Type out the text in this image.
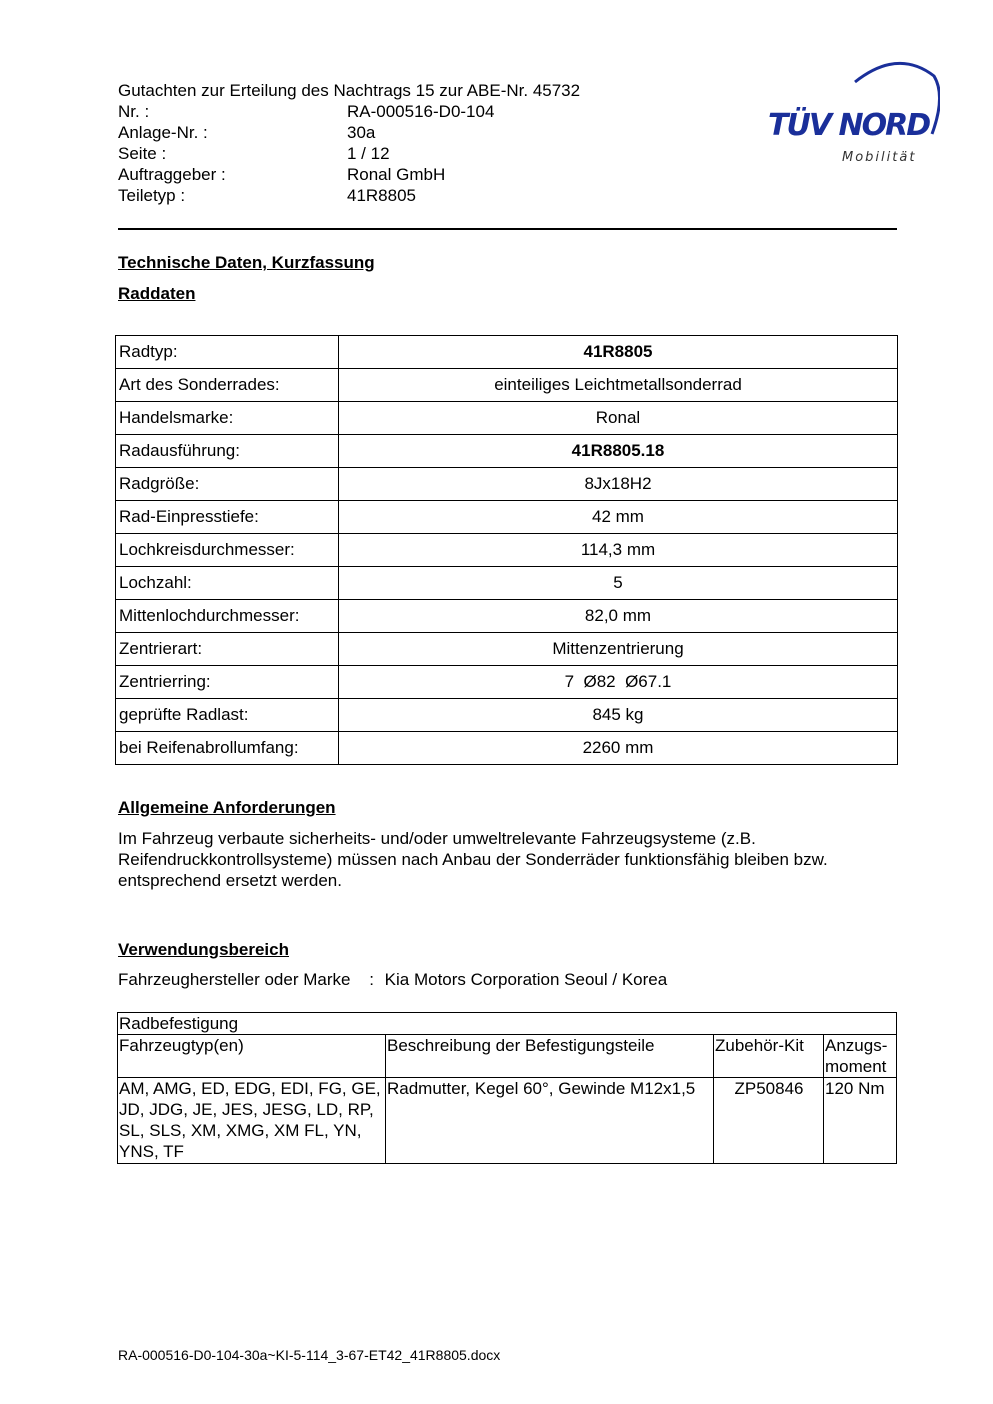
Gutachten zur Erteilung des Nachtrags 15 zur ABE-Nr. 45732
Nr. :	RA-000516-D0-104
Anlage-Nr. :	30a
Seite :	1 / 12
Auftraggeber :	Ronal GmbH
Teiletyp :	41R8805
TÜV NORD
Mobilität
Technische Daten, Kurzfassung
Raddaten
Radtyp:	41R8805
Art des Sonderrades:	einteiliges Leichtmetallsonderrad
Handelsmarke:	Ronal
Radausführung:	41R8805.18
Radgröße:	8Jx18H2
Rad-Einpresstiefe:	42 mm
Lochkreisdurchmesser:	114,3 mm
Lochzahl:	5
Mittenlochdurchmesser:	82,0 mm
Zentrierart:	Mittenzentrierung
Zentrierring:	7  Ø82  Ø67.1
geprüfte Radlast:	845 kg
bei Reifenabrollumfang:	2260 mm
Allgemeine Anforderungen
Im Fahrzeug verbaute sicherheits- und/oder umweltrelevante Fahrzeugsysteme (z.B. Reifendruckkontrollsysteme) müssen nach Anbau der Sonderräder funktionsfähig bleiben bzw. entsprechend ersetzt werden.
Verwendungsbereich
Fahrzeughersteller oder Marke : Kia Motors Corporation Seoul / Korea
Radbefestigung			
Fahrzeugtyp(en)	Beschreibung der Befestigungsteile	Zubehör-Kit	Anzugs-moment
AM, AMG, ED, EDG, EDI, FG, GE, JD, JDG, JE, JES, JESG, LD, RP, SL, SLS, XM, XMG, XM FL, YN, YNS, TF	Radmutter, Kegel 60°, Gewinde M12x1,5	ZP50846	120 Nm
RA-000516-D0-104-30a~KI-5-114_3-67-ET42_41R8805.docx
